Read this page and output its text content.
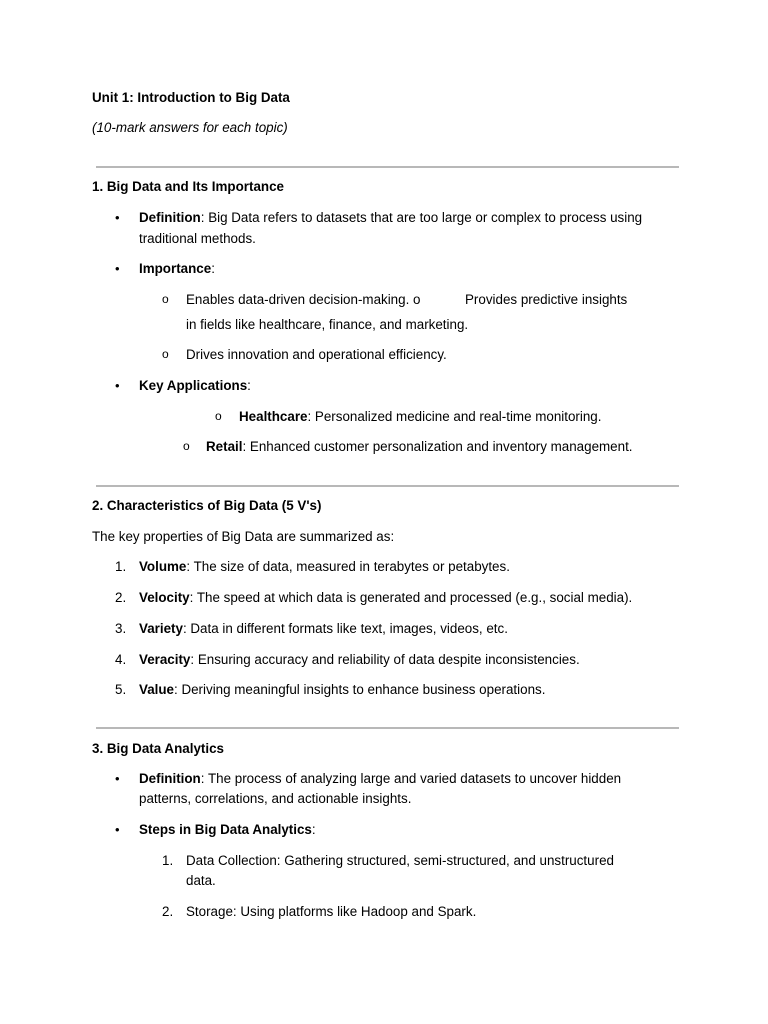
Unit 1: Introduction to Big Data
(10-mark answers for each topic)
1. Big Data and Its Importance
• Definition: Big Data refers to datasets that are too large or complex to process using
traditional methods.
• Importance:
o Enables data-driven decision-making. o	Provides predictive insights
in fields like healthcare, finance, and marketing.
o Drives innovation and operational efficiency.
• Key Applications:
o Healthcare: Personalized medicine and real-time monitoring.
o Retail: Enhanced customer personalization and inventory management.
2. Characteristics of Big Data (5 V's)
The key properties of Big Data are summarized as:
1. Volume: The size of data, measured in terabytes or petabytes.
2. Velocity: The speed at which data is generated and processed (e.g., social media).
3. Variety: Data in different formats like text, images, videos, etc.
4. Veracity: Ensuring accuracy and reliability of data despite inconsistencies.
5. Value: Deriving meaningful insights to enhance business operations.
3. Big Data Analytics
• Definition: The process of analyzing large and varied datasets to uncover hidden
patterns, correlations, and actionable insights.
• Steps in Big Data Analytics:
1. Data Collection: Gathering structured, semi-structured, and unstructured
data.
2. Storage: Using platforms like Hadoop and Spark.
